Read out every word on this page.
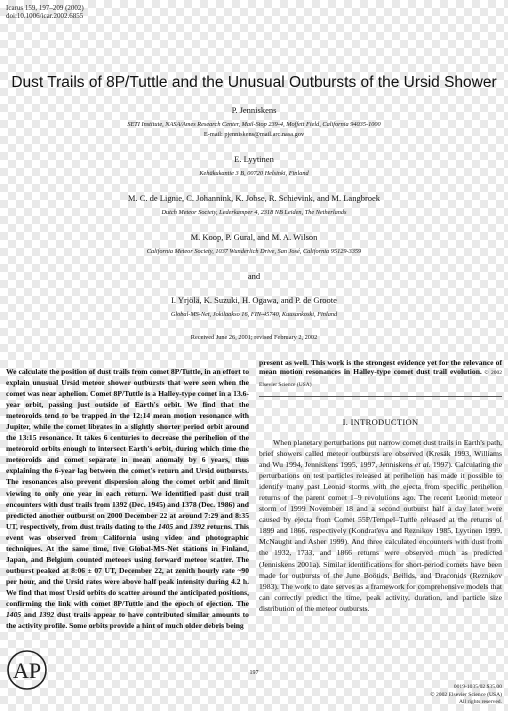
Icarus 159, 197–209 (2002)
doi:10.1006/icar.2002.6855
Dust Trails of 8P/Tuttle and the Unusual Outbursts of the Ursid Shower
P. Jenniskens
SETI Institute, NASA/Ames Research Center, Mail-Stop 239-4, Moffett Field, California 94035-1000
E-mail: pjenniskens@mail.arc.nasa.gov
E. Lyytinen
Kehäkukantie 3 B, 00720 Helsinki, Finland
M. C. de Lignie, C. Johannink, K. Jobse, R. Schievink, and M. Langbroek
Dutch Meteor Society, Lederkamper 4, 2318 NB Leiden, The Netherlands
M. Koop, P. Gural, and M. A. Wilson
California Meteor Society, 1037 Wunderlich Drive, San José, California 95129-3359
and
I. Yrjölä, K. Suzuki, H. Ogawa, and P. de Groote
Global-MS-Net, Jokilaakso 16, FIN-45740, Kuusankoski, Finland
Received June 26, 2001; revised February 2, 2002
We calculate the position of dust trails from comet 8P/Tuttle, in an effort to explain unusual Ursid meteor shower outbursts that were seen when the comet was near aphelion. Comet 8P/Tuttle is a Halley-type comet in a 13.6-year orbit, passing just outside of Earth's orbit. We find that the meteoroids tend to be trapped in the 12:14 mean motion resonance with Jupiter, while the comet librates in a slightly shorter period orbit around the 13:15 resonance. It takes 6 centuries to decrease the perihelion of the meteoroid orbits enough to intersect Earth's orbit, during which time the meteoroids and comet separate in mean anomaly by 6 years, thus explaining the 6-year lag between the comet's return and Ursid outbursts. The resonances also prevent dispersion along the comet orbit and limit viewing to only one year in each return. We identified past dust trail encounters with dust trails from 1392 (Dec. 1945) and 1378 (Dec. 1986) and predicted another outburst on 2000 December 22 at around 7:29 and 8:35 UT, respectively, from dust trails dating to the 1405 and 1392 returns. This event was observed from California using video and photographic techniques. At the same time, five Global-MS-Net stations in Finland, Japan, and Belgium counted meteors using forward meteor scatter. The outburst peaked at 8:06 ± 07 UT, December 22, at zenith hourly rate ~90 per hour, and the Ursid rates were above half peak intensity during 4.2 h. We find that most Ursid orbits do scatter around the anticipated positions, confirming the link with comet 8P/Tuttle and the epoch of ejection. The 1405 and 1392 dust trails appear to have contributed similar amounts to the activity profile. Some orbits provide a hint of much older debris being
present as well. This work is the strongest evidence yet for the relevance of mean motion resonances in Halley-type comet dust trail evolution. © 2002 Elsevier Science (USA)
I. INTRODUCTION
When planetary perturbations put narrow comet dust trails in Earth's path, brief showers called meteor outbursts are observed (Kresák 1993, Williams and Wu 1994, Jenniskens 1995, 1997, Jenniskens et al. 1997). Calculating the perturbations on test particles released at perihelion has made it possible to identify many past Leonid storms with the ejecta from specific perihelion returns of the parent comet 1–9 revolutions ago. The recent Leonid meteor storm of 1999 November 18 and a second outburst half a day later were caused by ejecta from Comet 55P/Tempel–Tuttle released at the returns of 1899 and 1866, respectively (Kondrat'eva and Reznikov 1985, Lyytinen 1999, McNaught and Asher 1999). And three calculated encounters with dust from the 1932, 1733, and 1866 returns were observed much as predicted (Jenniskens 2001a). Similar identifications for short-period comets have been made for outbursts of the June Boötids, Beilids, and Draconids (Reznikov 1983). The work to date serves as a framework for comprehensive models that can correctly predict the time, peak activity, duration, and particle size distribution of the meteor outbursts.
197
0019-1035/02 $35.00
© 2002 Elsevier Science (USA)
All rights reserved.
AP
